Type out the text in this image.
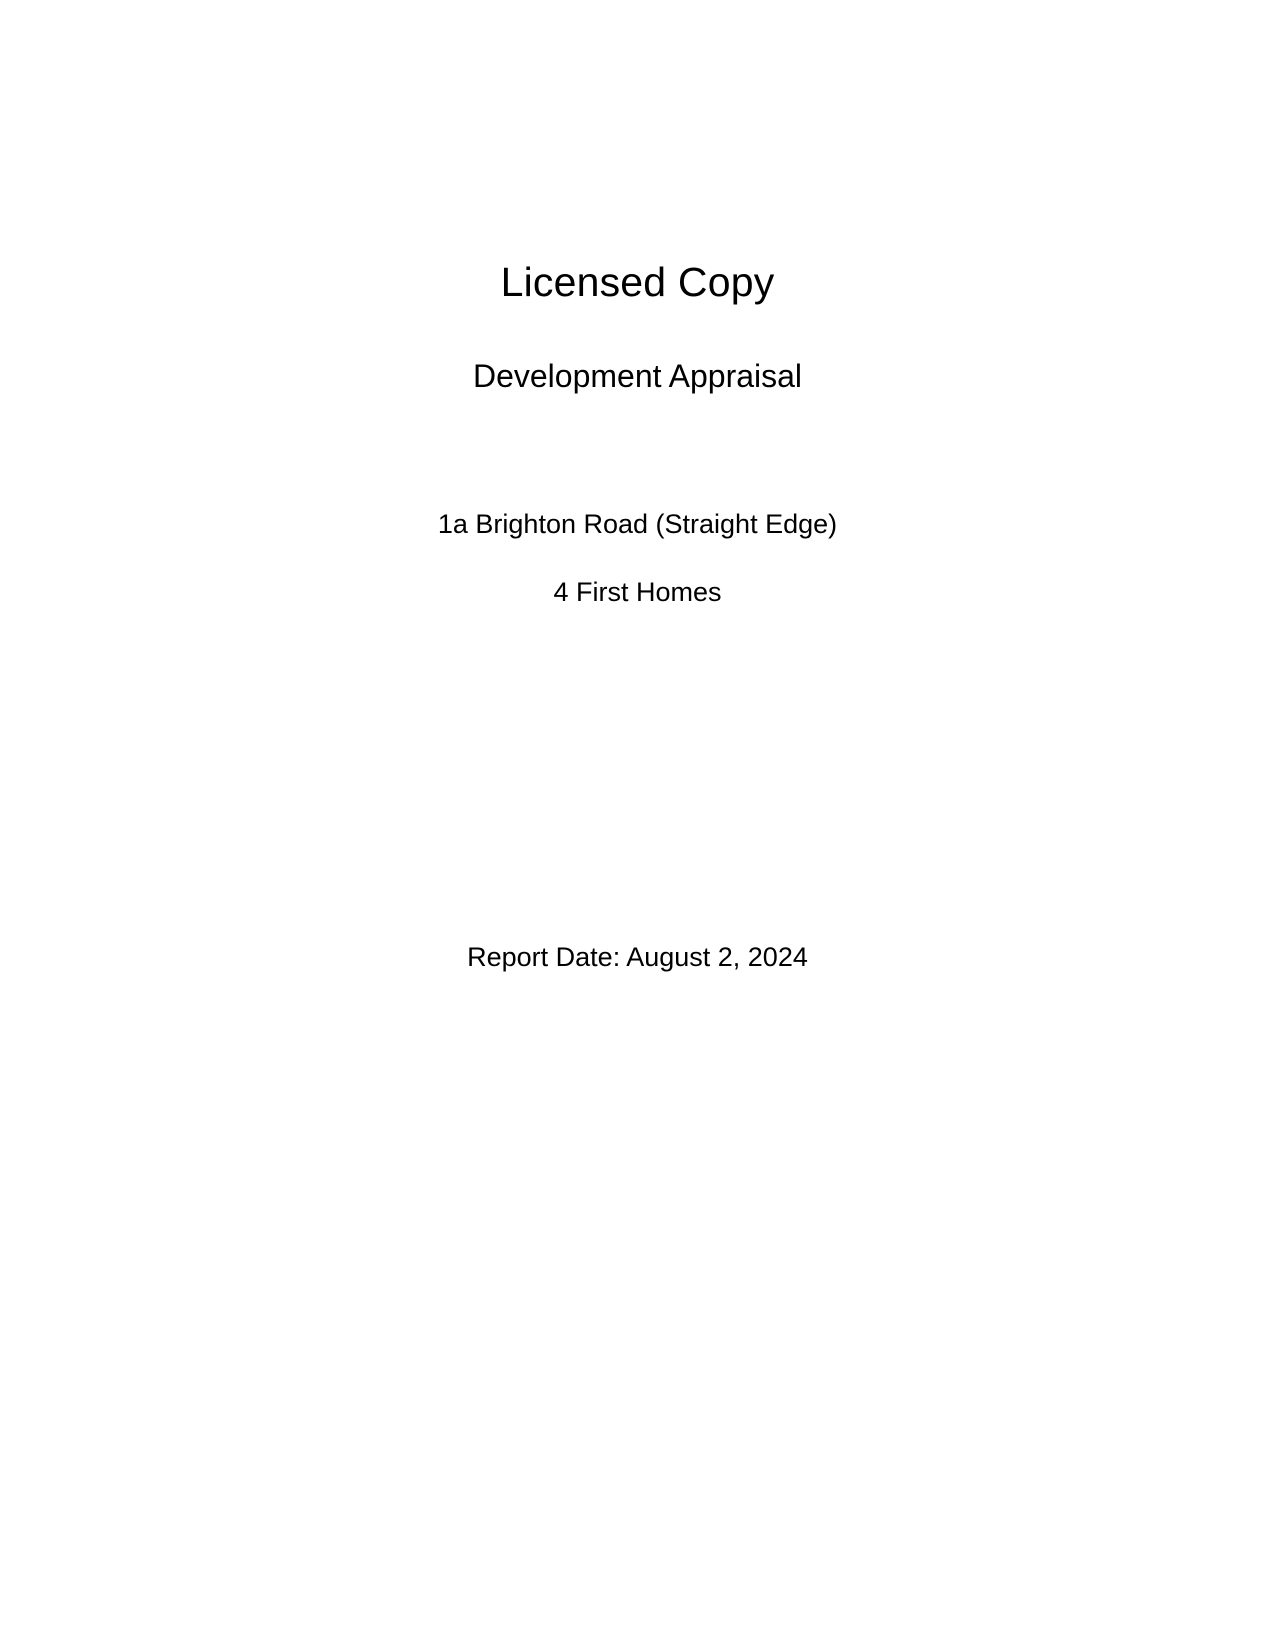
Licensed Copy
Development Appraisal

1a Brighton Road (Straight Edge)

4 First Homes

Report Date: August 2, 2024
